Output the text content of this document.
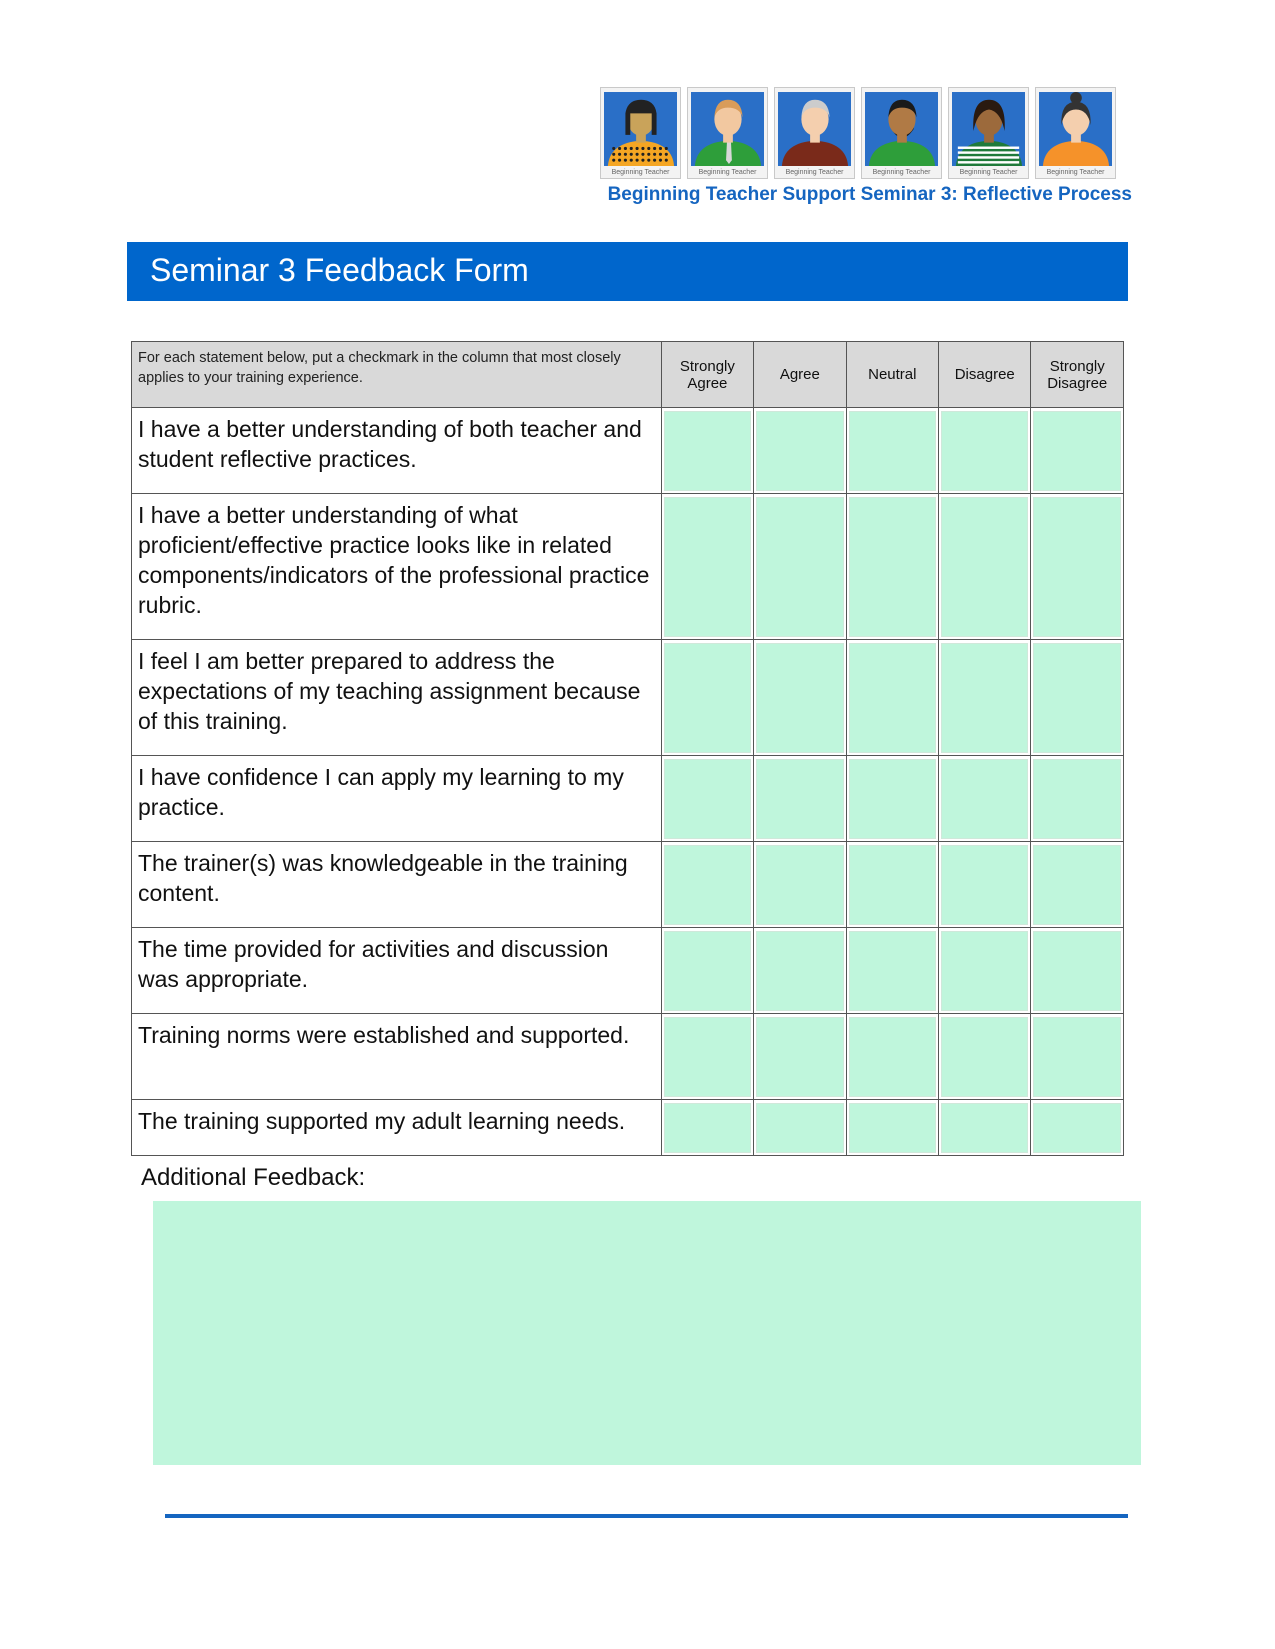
Beginning Teacher	Beginning Teacher	Beginning Teacher	Beginning Teacher	Beginning Teacher	Beginning Teacher
Beginning Teacher Support Seminar 3: Reflective Process
Seminar 3 Feedback Form
For each statement below, put a checkmark in the column that most closely applies to your training experience.	Strongly Agree	Agree	Neutral	Disagree	Strongly Disagree
I have a better understanding of both teacher and student reflective practices.	

I have a better understanding of what proficient/effective practice looks like in related components/indicators of the professional practice rubric.	

I feel I am better prepared to address the expectations of my teaching assignment because of this training.	

I have confidence I can apply my learning to my practice.	

The trainer(s) was knowledgeable in the training content.	

The time provided for activities and discussion was appropriate.	

Training norms were established and supported.	

The training supported my adult learning needs.	

Additional Feedback:
